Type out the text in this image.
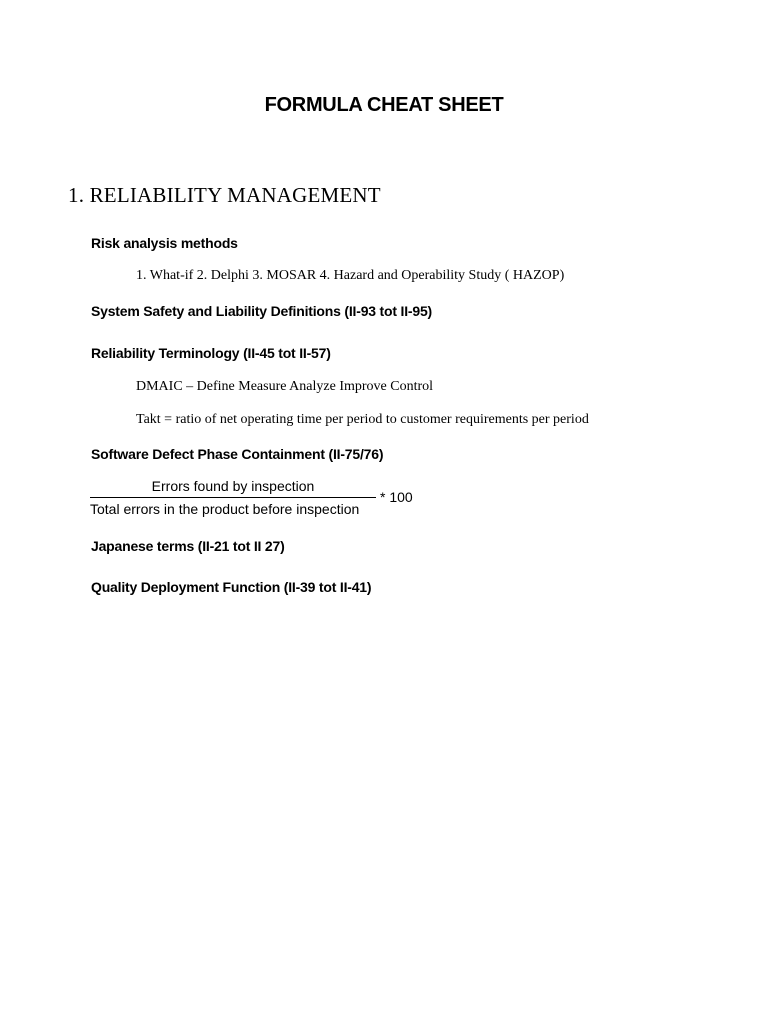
FORMULA CHEAT SHEET
1. RELIABILITY MANAGEMENT
Risk analysis methods
1. What-if 2. Delphi 3. MOSAR 4. Hazard and Operability Study ( HAZOP)
System Safety and Liability Definitions (II-93 tot II-95)
Reliability Terminology (II-45 tot II-57)
DMAIC – Define Measure Analyze Improve Control
Takt = ratio of net operating time per period to customer requirements per period
Software Defect Phase Containment (II-75/76)
Errors found by inspection
Total errors in the product before inspection
* 100
Japanese terms (II-21 tot II 27)
Quality Deployment Function (II-39 tot II-41)
